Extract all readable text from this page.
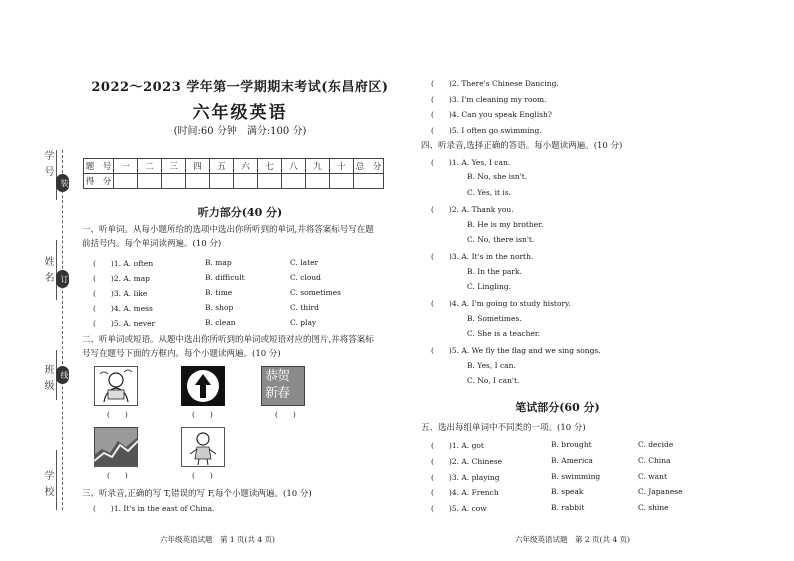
学号
装
姓名 订
班级 线
学校
2022～2023 学年第一学期期末考试(东昌府区)
六年级英语
(时间:60 分钟　满分:100 分)
题　号	一	二	三	四	五	六	七	八	九	十	总　分
得　分											
听力部分(40 分)
一、听单词。从每小题所给的选项中选出你所听到的单词,并将答案标号写在题前括号内。每个单词读两遍。(10 分)
(　　)1. A. often	B. map	C. later
(　　)2. A. map	B. difficult	C. cloud
(　　)3. A. like	B. time	C. sometimes
(　　)4. A. mess	B. shop	C. third
(　　)5. A. never	B. clean	C. play
二、听单词或短语。从题中选出你所听到的单词或短语对应的图片,并将答案标号写在题号下面的方框内。每个小题读两遍。(10 分)
(　　)	(　　)
恭贺
新春
(　　)
(　　)	(　　)
三、听录音,正确的写 T,错误的写 F,每个小题读两遍。(10 分)
(　　)1. It's in the east of China.
六年级英语试题　第 1 页(共 4 页)
(　　)2. There's Chinese Dancing.
(　　)3. I'm cleaning my room.
(　　)4. Can you speak English?
(　　)5. I often go swimming.
四、听录音,选择正确的答语。每小题读两遍。(10 分)
(　　)1. A. Yes, I can.
B. No, she isn't.
C. Yes, it is.
(　　)2. A. Thank you.
B. He is my brother.
C. No, there isn't.
(　　)3. A. It's in the north.
B. In the park.
C. Lingling.
(　　)4. A. I'm going to study history.
B. Sometimes.
C. She is a teacher.
(　　)5. A. We fly the flag and we sing songs.
B. Yes, I can.
C. No, I can't.
笔试部分(60 分)
五、选出每组单词中不同类的一项。(10 分)
(　　)1. A. got	B. brought	C. decide
(　　)2. A. Chinese	B. America	C. China
(　　)3. A. playing	B. swimming	C. want
(　　)4. A. French	B. speak	C. Japanese
(　　)5. A. cow	B. rabbit	C. shine
六年级英语试题　第 2 页(共 4 页)
